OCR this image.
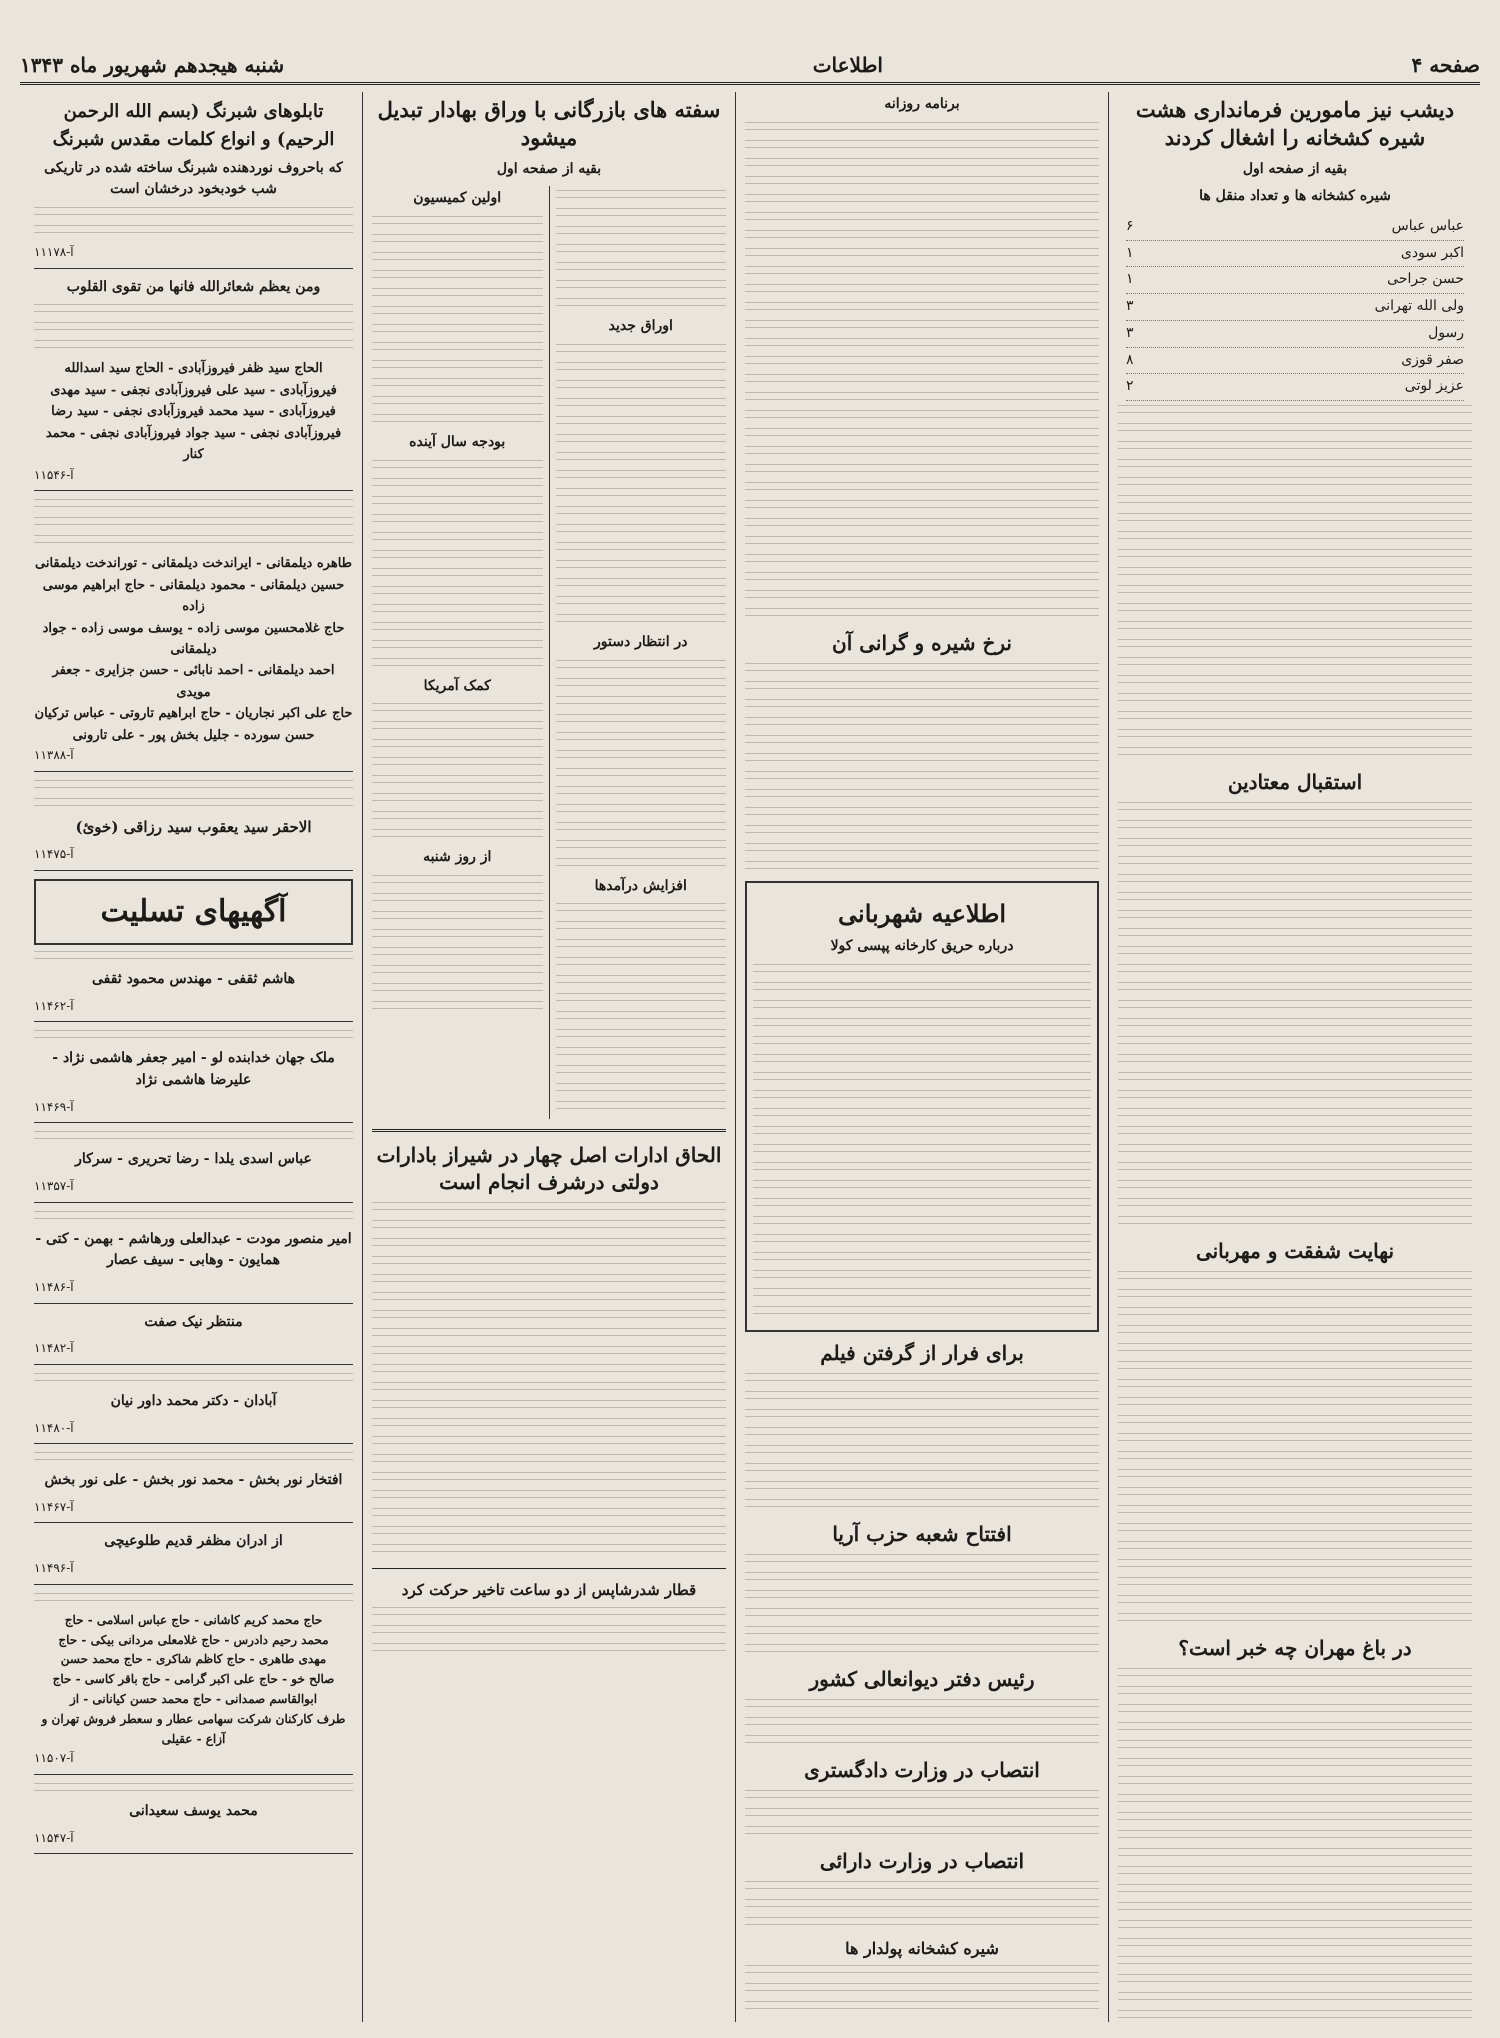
صفحه ۴
اطلاعات
شنبه هیجدهم شهریور ماه ۱۳۴۳
دیشب نیز مامورین فرمانداری هشت شیره کشخانه را اشغال کردند
بقیه از صفحه اول
شیره کشخانه ها و تعداد منقل ها
عباس عباس
۶
اکبر سودی
۱
حسن جراحی
۱
ولی الله تهرانی
۳
رسول
۳
صفر قوزی
۸
عزیز لوتی
۲
استقبال معتادین
نهایت شفقت و مهربانی
در باغ مهران چه خبر است؟
برنامه روزانه
نرخ شیره و گرانی آن
اطلاعیه شهربانی
درباره حریق کارخانه پپسی کولا
برای فرار از گرفتن فیلم
افتتاح شعبه حزب آریا
رئیس دفتر دیوانعالی کشور
انتصاب در وزارت دادگستری
انتصاب در وزارت دارائی
شیره کشخانه پولدار ها
سفته های بازرگانی با وراق بهادار تبدیل میشود
بقیه از صفحه اول
اوراق جدید
در انتظار دستور
افزایش درآمدها
اولین کمیسیون
بودجه سال آینده
کمک آمریکا
از روز شنبه
الحاق ادارات اصل چهار در شیراز بادارات دولتی درشرف انجام است
قطار شدرشاپس از دو ساعت تاخیر حرکت کرد
تابلوهای شبرنگ (بسم الله الرحمن الرحیم) و انواع کلمات مقدس شبرنگ
که باحروف نوردهنده شبرنگ ساخته شده در تاریکی شب خودبخود درخشان است
آ-۱۱۱۷۸
ومن یعظم شعائرالله فانها من تقوی القلوب
الحاج سید ظفر فیروزآبادی - الحاج سید اسدالله
فیروزآبادی - سید علی فیروزآبادی نجفی - سید مهدی
فیروزآبادی - سید محمد فیروزآبادی نجفی - سید رضا
فیروزآبادی نجفی - سید جواد فیروزآبادی نجفی - محمد کنار
آ-۱۱۵۴۶
طاهره دیلمقانی - ایراندخت دیلمقانی - توراندخت دیلمقانی
حسین دیلمقانی - محمود دیلمقانی - حاج ابراهیم موسی زاده
حاج غلامحسین موسی زاده - یوسف موسی زاده - جواد دیلمقانی
احمد دیلمقانی - احمد نابائی - حسن جزایری - جعفر مویدی
حاج علی اکبر نجاریان - حاج ابراهیم تاروتی - عباس ترکیان
حسن سورده - جلیل بخش پور - علی تارونی
آ-۱۱۳۸۸
الاحقر سید یعقوب سید رزاقی (خوئ)
آ-۱۱۴۷۵
آگهیهای تسلیت
هاشم ثقفی - مهندس محمود ثقفی
آ-۱۱۴۶۲
ملک جهان خدابنده لو - امیر جعفر هاشمی نژاد - علیرضا هاشمی نژاد
آ-۱۱۴۶۹
عباس اسدی یلدا - رضا تحریری - سرکار
آ-۱۱۳۵۷
امیر منصور مودت - عبدالعلی ورهاشم - بهمن - کتی - همایون - وهابی - سیف عصار
آ-۱۱۴۸۶
منتظر نیک صفت
آ-۱۱۴۸۲
آبادان - دکتر محمد داور نیان
آ-۱۱۴۸۰
افتخار نور بخش - محمد نور بخش - علی نور بخش
آ-۱۱۴۶۷
از ادران مظفر قدیم طلوعیچی
آ-۱۱۴۹۶
حاج محمد کریم کاشانی - حاج عباس اسلامی - حاج
محمد رحیم دادرس - حاج غلامعلی مردانی بیکی - حاج
مهدی طاهری - حاج کاظم شاکری - حاج محمد حسن
صالح خو - حاج علی اکبر گرامی - حاج باقر کاسی - حاج
ابوالقاسم صمدانی - حاج محمد حسن کیانانی - از
طرف کارکنان شرکت سهامی عطار و سعطر فروش تهران و
آزاع - عقیلی
آ-۱۱۵۰۷
محمد یوسف سعیدانی
آ-۱۱۵۴۷
